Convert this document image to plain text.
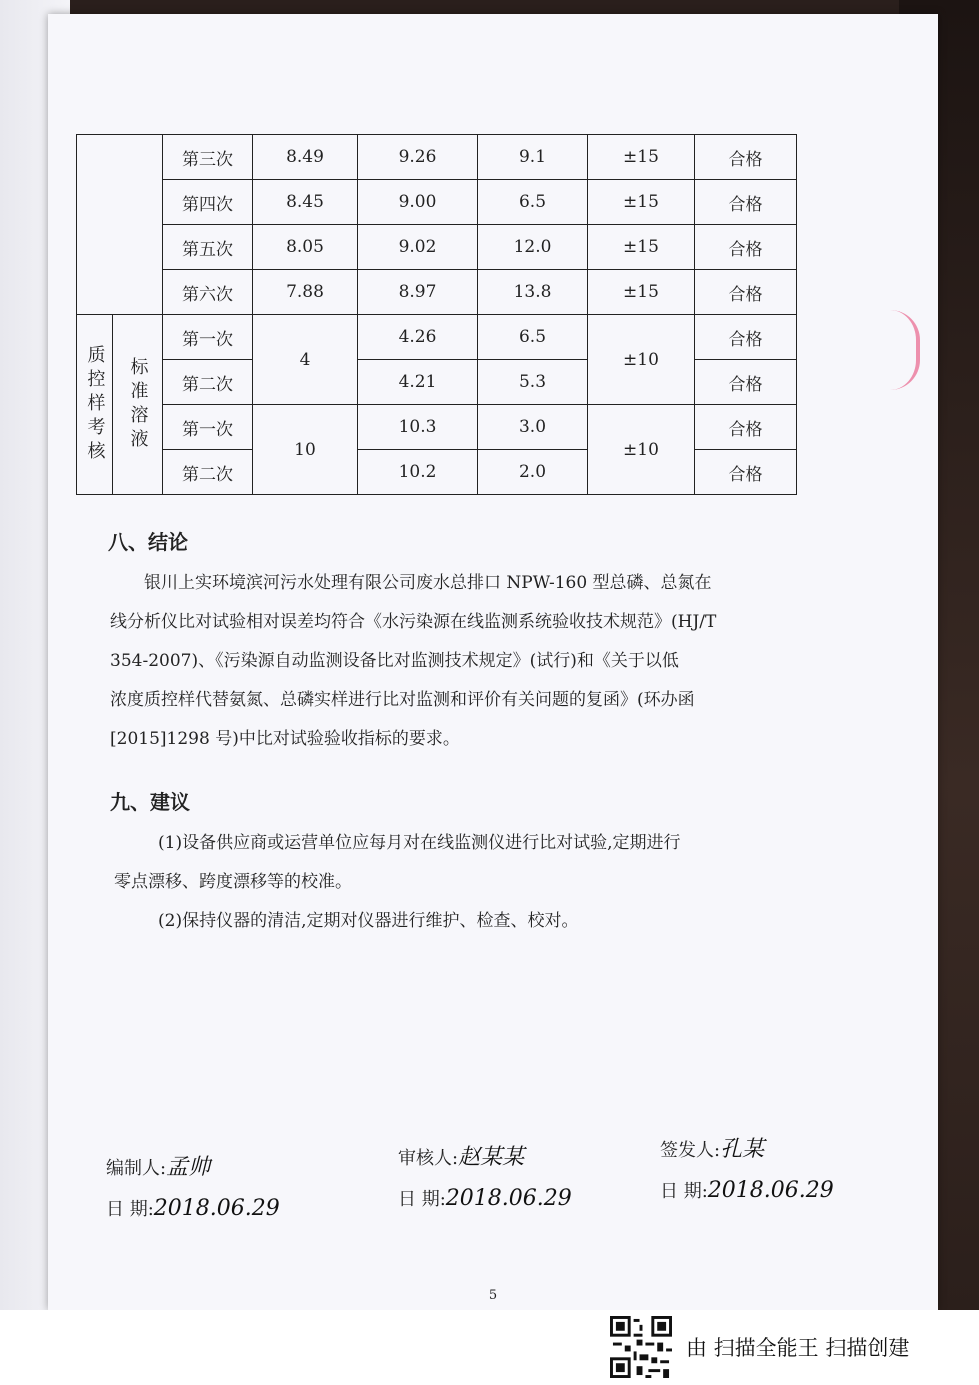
		第三次	8.49	9.26	9.1	±15	合格
		第四次	8.45	9.00	6.5	±15	合格
		第五次	8.05	9.02	12.0	±15	合格
		第六次	7.88	8.97	13.8	±15	合格
质控样考核	标准溶液	第一次	4	4.26	6.5	±10	合格
		第二次		4.21	5.3		合格
		第一次	10	10.3	3.0	±10	合格
		第二次		10.2	2.0		合格
八、结论
银川上实环境滨河污水处理有限公司废水总排口 NPW-160 型总磷、总氮在
线分析仪比对试验相对误差均符合《水污染源在线监测系统验收技术规范》(HJ/T
354-2007)、《污染源自动监测设备比对监测技术规定》(试行)和《关于以低
浓度质控样代替氨氮、总磷实样进行比对监测和评价有关问题的复函》(环办函
[2015]1298 号)中比对试验验收指标的要求。
九、建议
(1)设备供应商或运营单位应每月对在线监测仪进行比对试验,定期进行
零点漂移、跨度漂移等的校准。
(2)保持仪器的清洁,定期对仪器进行维护、检查、校对。
编制人:孟帅
日 期:2018.06.29
审核人:赵某某
日 期:2018.06.29
签发人:孔某
日 期:2018.06.29
5
由 扫描全能王 扫描创建
